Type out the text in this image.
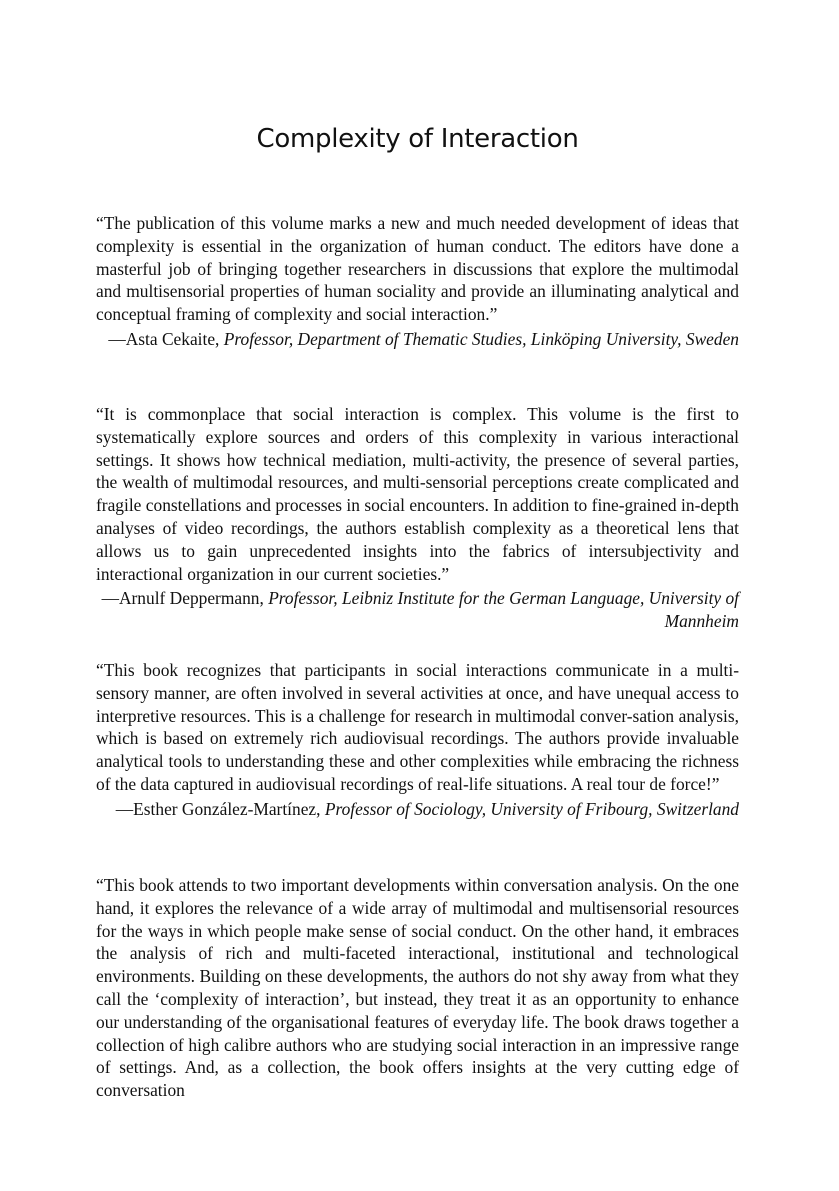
Complexity of Interaction

“The publication of this volume marks a new and much needed development of ideas that complexity is essential in the organization of human conduct. The editors have done a masterful job of bringing together researchers in discussions that explore the multimodal and multisensorial properties of human sociality and provide an illuminating analytical and conceptual framing of complexity and social interaction.”

—Asta Cekaite, Professor, Department of Thematic Studies, Linköping University, Sweden

“It is commonplace that social interaction is complex. This volume is the first to systematically explore sources and orders of this complexity in various interactional settings. It shows how technical mediation, multi-activity, the presence of several parties, the wealth of multimodal resources, and multi-sensorial perceptions create complicated and fragile constellations and processes in social encounters. In addition to fine-grained in-depth analyses of video recordings, the authors establish complexity as a theoretical lens that allows us to gain unprecedented insights into the fabrics of intersubjectivity and interactional organization in our current societies.”

—Arnulf Deppermann, Professor, Leibniz Institute for the German Language, University of Mannheim

“This book recognizes that participants in social interactions communicate in a multi-sensory manner, are often involved in several activities at once, and have unequal access to interpretive resources. This is a challenge for research in multimodal conver-sation analysis, which is based on extremely rich audiovisual recordings. The authors provide invaluable analytical tools to understanding these and other complexities while embracing the richness of the data captured in audiovisual recordings of real-life situations. A real tour de force!”

—Esther González-Martínez, Professor of Sociology, University of Fribourg, Switzerland

“This book attends to two important developments within conversation analysis. On the one hand, it explores the relevance of a wide array of multimodal and multisensorial resources for the ways in which people make sense of social conduct. On the other hand, it embraces the analysis of rich and multi-faceted interactional, institutional and technological environments. Building on these developments, the authors do not shy away from what they call the ‘complexity of interaction’, but instead, they treat it as an opportunity to enhance our understanding of the organisational features of everyday life. The book draws together a collection of high calibre authors who are studying social interaction in an impressive range of settings. And, as a collection, the book offers insights at the very cutting edge of conversation
